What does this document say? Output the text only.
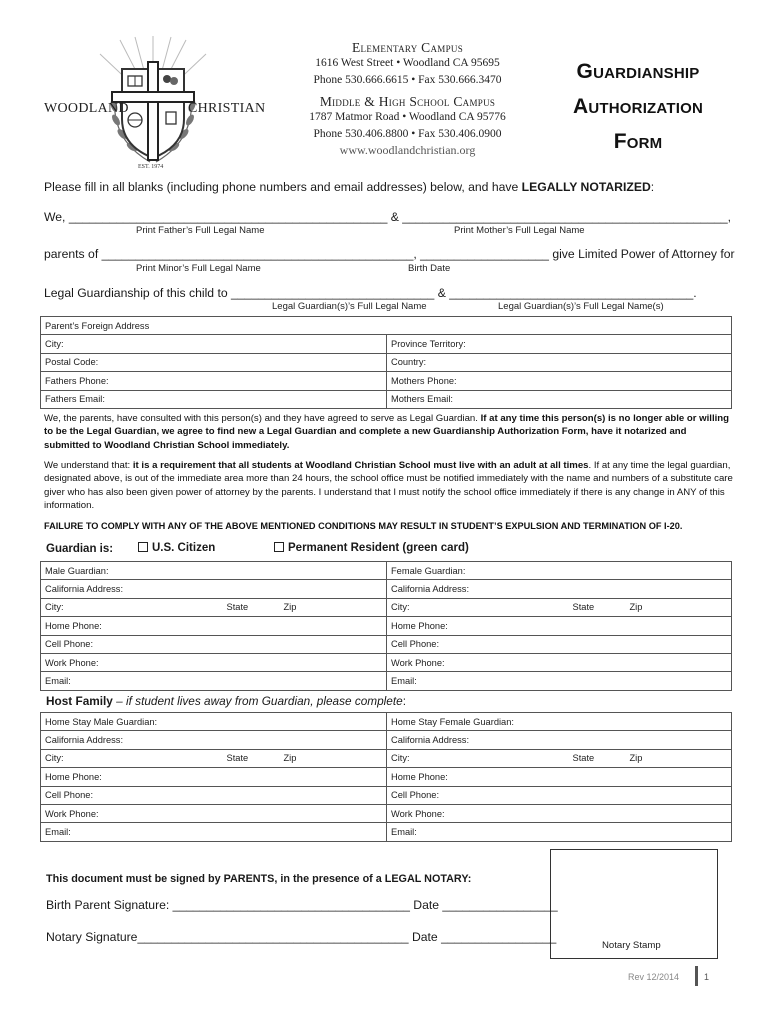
WOODLAND	CHRISTIAN
EST. 1974
Elementary Campus
1616 West Street • Woodland CA 95695
Phone 530.666.6615 • Fax 530.666.3470
Middle & High School Campus
1787 Matmor Road • Woodland CA 95776
Phone 530.406.8800 • Fax 530.406.0900
www.woodlandchristian.org
Guardianship
Authorization
Form
Please fill in all blanks (including phone numbers and email addresses) below, and have LEGALLY NOTARIZED:
We, _______________________________________________ & ________________________________________________,
Print Father’s Full Legal Name	Print Mother’s Full Legal Name
parents of ______________________________________________, ___________________ give Limited Power of Attorney for
Print Minor’s Full Legal Name	Birth Date
Legal Guardianship of this child to ______________________________ & ____________________________________.
Legal Guardian(s)’s Full Legal Name	Legal Guardian(s)’s Full Legal Name(s)
Parent’s Foreign Address	
City:	Province Territory:
Postal Code:	Country:
Fathers Phone:	Mothers Phone:
Fathers Email:	Mothers Email:
We, the parents, have consulted with this person(s) and they have agreed to serve as Legal Guardian. If at any time this person(s) is no longer able or willing to be the Legal Guardian, we agree to find new a Legal Guardian and complete a new Guardianship Authorization Form, have it notarized and submitted to Woodland Christian School immediately.
We understand that: it is a requirement that all students at Woodland Christian School must live with an adult at all times. If at any time the legal guardian, designated above, is out of the immediate area more than 24 hours, the school office must be notified immediately with the name and numbers of a substitute care giver who has also been given power of attorney by the parents. I understand that I must notify the school office immediately if there is any change in ANY of this information.
FAILURE TO COMPLY WITH ANY OF THE ABOVE MENTIONED CONDITIONS MAY RESULT IN STUDENT’S EXPULSION AND TERMINATION OF I-20.
Guardian is:	U.S. Citizen	Permanent Resident (green card)
Male Guardian:	Female Guardian:
California Address:	California Address:
City: State Zip	City: State Zip

Home Phone:	Home Phone:
Cell Phone:	Cell Phone:
Work Phone:	Work Phone:
Email:	Email:
Host Family – if student lives away from Guardian, please complete:
Home Stay Male Guardian:	Home Stay Female Guardian:
California Address:	California Address:
City: State Zip	City: State Zip

Home Phone:	Home Phone:
Cell Phone:	Cell Phone:
Work Phone:	Work Phone:
Email:	Email:
Notary Stamp
This document must be signed by PARENTS, in the presence of a LEGAL NOTARY:
Birth Parent Signature: ___________________________________ Date _________________
Notary Signature________________________________________ Date _________________
Rev 12/2014	1
